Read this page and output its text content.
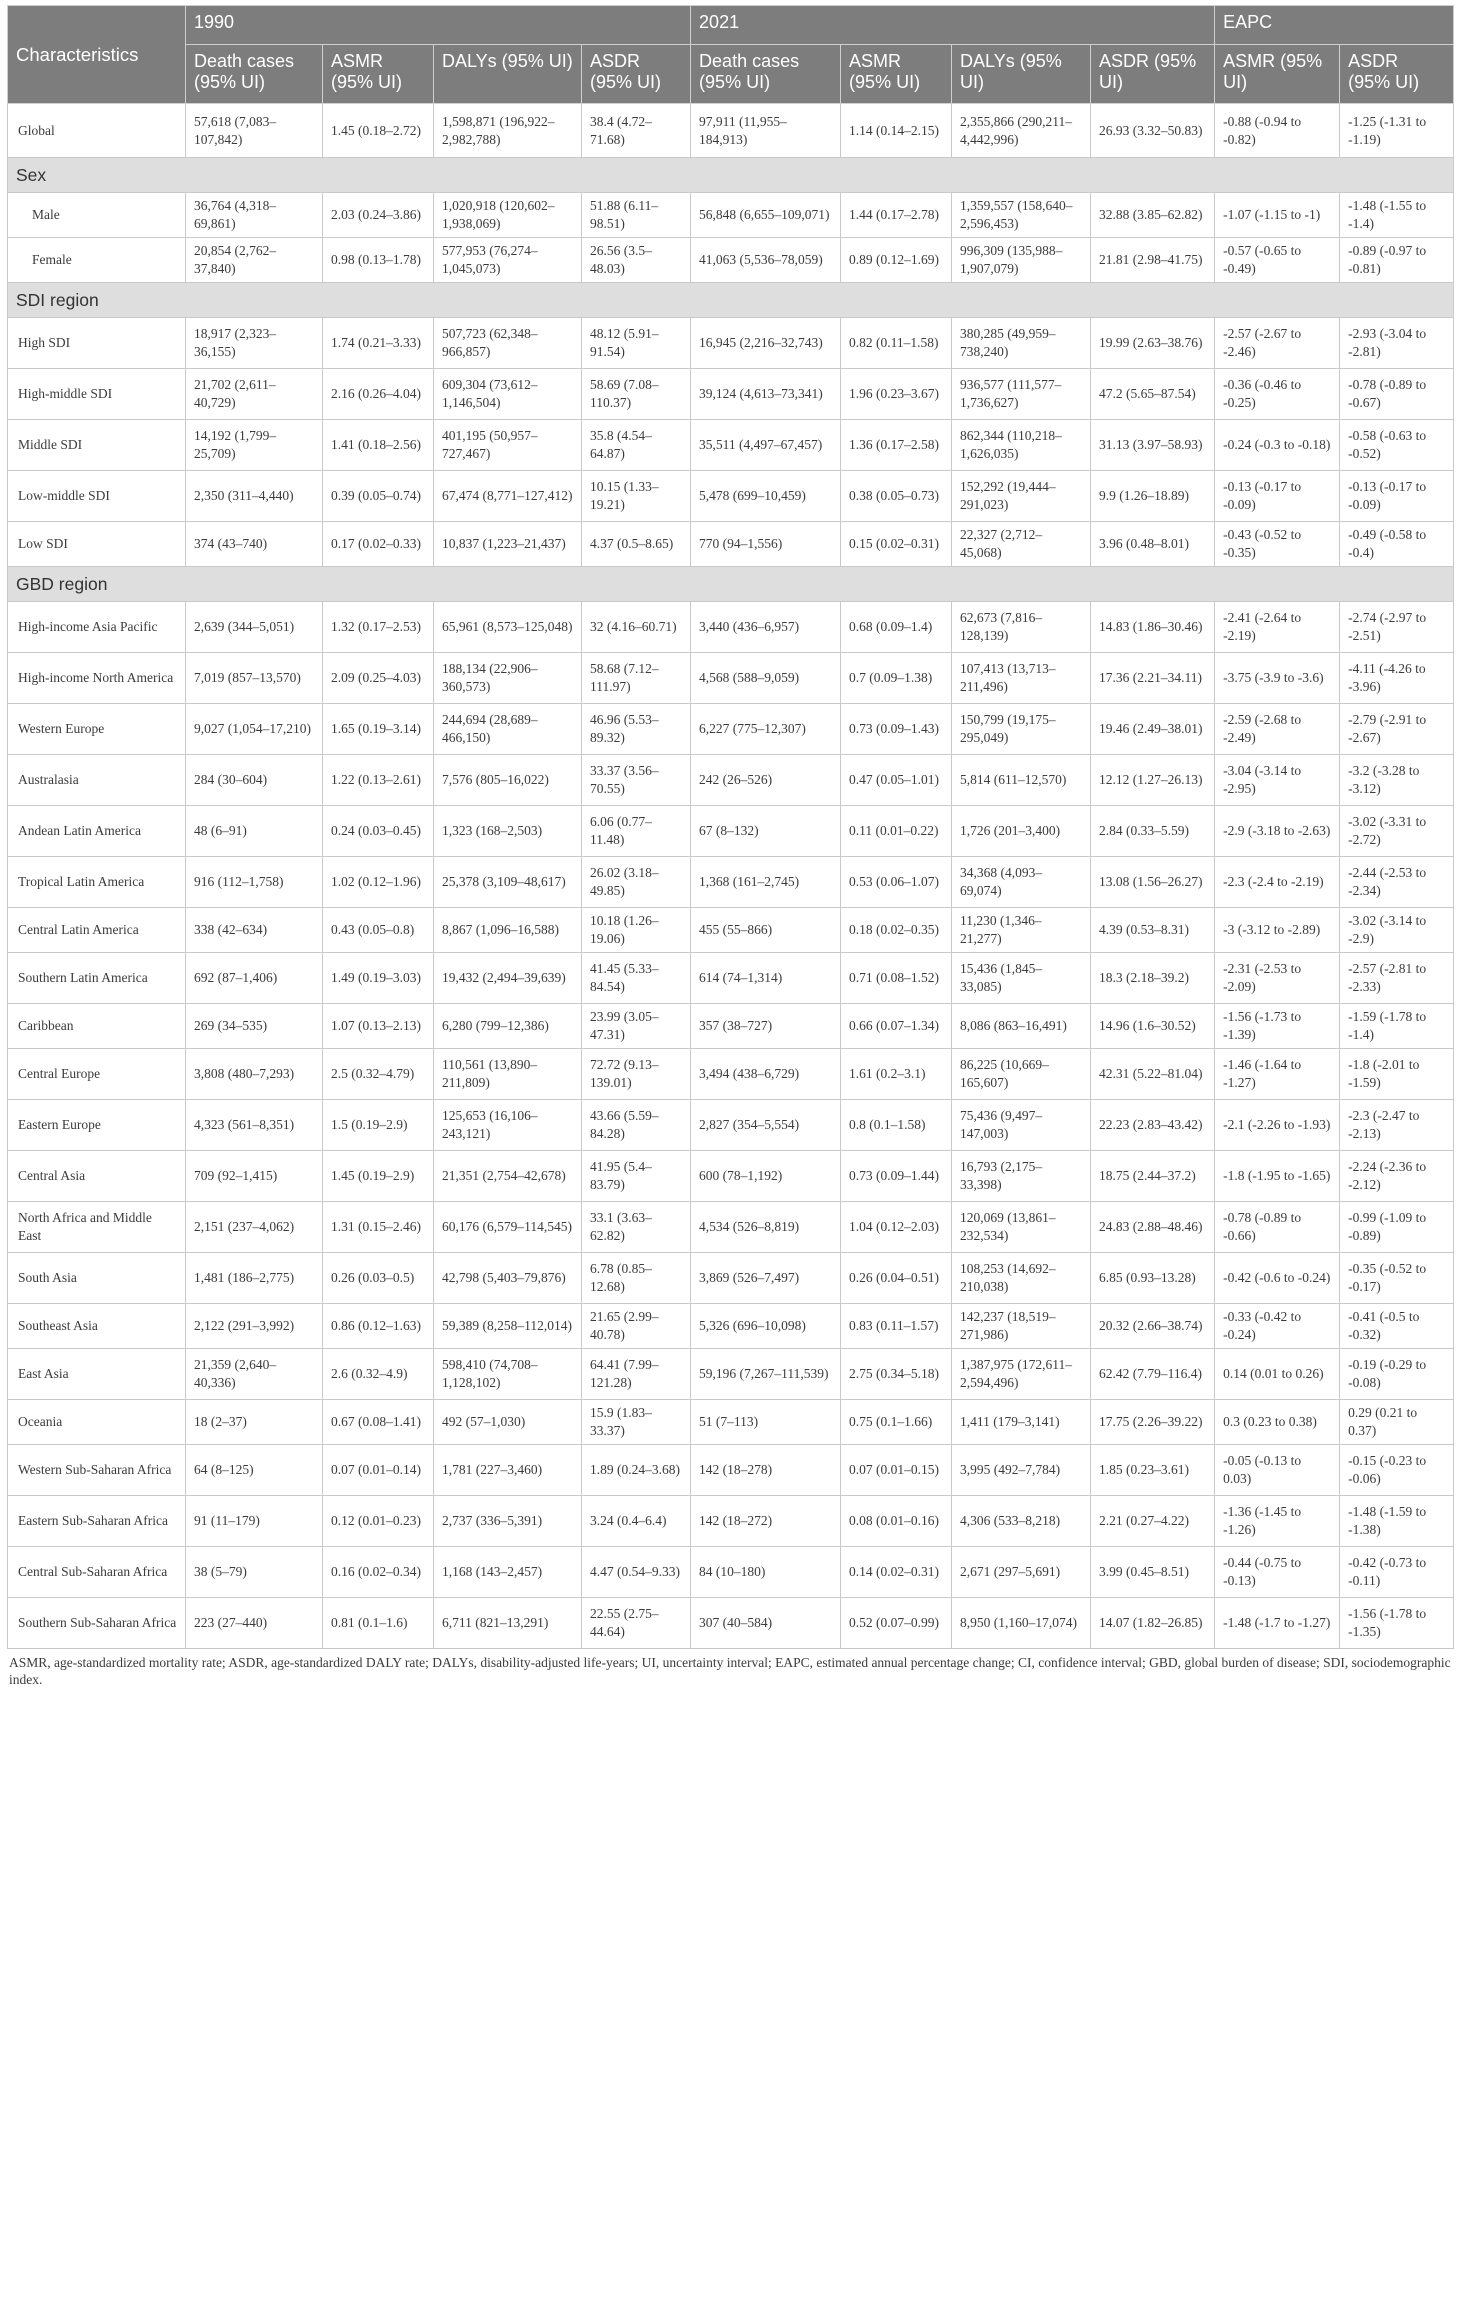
Characteristics	1990				2021				EAPC	
	Death cases (95% UI)	ASMR (95% UI)	DALYs (95% UI)	ASDR (95% UI)	Death cases (95% UI)	ASMR (95% UI)	DALYs (95% UI)	ASDR (95% UI)	ASMR (95% UI)	ASDR (95% UI)
Global	57,618 (7,083–107,842)	1.45 (0.18–2.72)	1,598,871 (196,922–2,982,788)	38.4 (4.72–71.68)	97,911 (11,955–184,913)	1.14 (0.14–2.15)	2,355,866 (290,211–4,442,996)	26.93 (3.32–50.83)	-0.88 (-0.94 to -0.82)	-1.25 (-1.31 to -1.19)
Sex										
Male	36,764 (4,318–69,861)	2.03 (0.24–3.86)	1,020,918 (120,602–1,938,069)	51.88 (6.11–98.51)	56,848 (6,655–109,071)	1.44 (0.17–2.78)	1,359,557 (158,640–2,596,453)	32.88 (3.85–62.82)	-1.07 (-1.15 to -1)	-1.48 (-1.55 to -1.4)
Female	20,854 (2,762–37,840)	0.98 (0.13–1.78)	577,953 (76,274–1,045,073)	26.56 (3.5–48.03)	41,063 (5,536–78,059)	0.89 (0.12–1.69)	996,309 (135,988–1,907,079)	21.81 (2.98–41.75)	-0.57 (-0.65 to -0.49)	-0.89 (-0.97 to -0.81)
SDI region										
High SDI	18,917 (2,323–36,155)	1.74 (0.21–3.33)	507,723 (62,348–966,857)	48.12 (5.91–91.54)	16,945 (2,216–32,743)	0.82 (0.11–1.58)	380,285 (49,959–738,240)	19.99 (2.63–38.76)	-2.57 (-2.67 to -2.46)	-2.93 (-3.04 to -2.81)
High-middle SDI	21,702 (2,611–40,729)	2.16 (0.26–4.04)	609,304 (73,612–1,146,504)	58.69 (7.08–110.37)	39,124 (4,613–73,341)	1.96 (0.23–3.67)	936,577 (111,577–1,736,627)	47.2 (5.65–87.54)	-0.36 (-0.46 to -0.25)	-0.78 (-0.89 to -0.67)
Middle SDI	14,192 (1,799–25,709)	1.41 (0.18–2.56)	401,195 (50,957–727,467)	35.8 (4.54–64.87)	35,511 (4,497–67,457)	1.36 (0.17–2.58)	862,344 (110,218–1,626,035)	31.13 (3.97–58.93)	-0.24 (-0.3 to -0.18)	-0.58 (-0.63 to -0.52)
Low-middle SDI	2,350 (311–4,440)	0.39 (0.05–0.74)	67,474 (8,771–127,412)	10.15 (1.33–19.21)	5,478 (699–10,459)	0.38 (0.05–0.73)	152,292 (19,444–291,023)	9.9 (1.26–18.89)	-0.13 (-0.17 to -0.09)	-0.13 (-0.17 to -0.09)
Low SDI	374 (43–740)	0.17 (0.02–0.33)	10,837 (1,223–21,437)	4.37 (0.5–8.65)	770 (94–1,556)	0.15 (0.02–0.31)	22,327 (2,712–45,068)	3.96 (0.48–8.01)	-0.43 (-0.52 to -0.35)	-0.49 (-0.58 to -0.4)
GBD region										
High-income Asia Pacific	2,639 (344–5,051)	1.32 (0.17–2.53)	65,961 (8,573–125,048)	32 (4.16–60.71)	3,440 (436–6,957)	0.68 (0.09–1.4)	62,673 (7,816–128,139)	14.83 (1.86–30.46)	-2.41 (-2.64 to -2.19)	-2.74 (-2.97 to -2.51)
High-income North America	7,019 (857–13,570)	2.09 (0.25–4.03)	188,134 (22,906–360,573)	58.68 (7.12–111.97)	4,568 (588–9,059)	0.7 (0.09–1.38)	107,413 (13,713–211,496)	17.36 (2.21–34.11)	-3.75 (-3.9 to -3.6)	-4.11 (-4.26 to -3.96)
Western Europe	9,027 (1,054–17,210)	1.65 (0.19–3.14)	244,694 (28,689–466,150)	46.96 (5.53–89.32)	6,227 (775–12,307)	0.73 (0.09–1.43)	150,799 (19,175–295,049)	19.46 (2.49–38.01)	-2.59 (-2.68 to -2.49)	-2.79 (-2.91 to -2.67)
Australasia	284 (30–604)	1.22 (0.13–2.61)	7,576 (805–16,022)	33.37 (3.56–70.55)	242 (26–526)	0.47 (0.05–1.01)	5,814 (611–12,570)	12.12 (1.27–26.13)	-3.04 (-3.14 to -2.95)	-3.2 (-3.28 to -3.12)
Andean Latin America	48 (6–91)	0.24 (0.03–0.45)	1,323 (168–2,503)	6.06 (0.77–11.48)	67 (8–132)	0.11 (0.01–0.22)	1,726 (201–3,400)	2.84 (0.33–5.59)	-2.9 (-3.18 to -2.63)	-3.02 (-3.31 to -2.72)
Tropical Latin America	916 (112–1,758)	1.02 (0.12–1.96)	25,378 (3,109–48,617)	26.02 (3.18–49.85)	1,368 (161–2,745)	0.53 (0.06–1.07)	34,368 (4,093–69,074)	13.08 (1.56–26.27)	-2.3 (-2.4 to -2.19)	-2.44 (-2.53 to -2.34)
Central Latin America	338 (42–634)	0.43 (0.05–0.8)	8,867 (1,096–16,588)	10.18 (1.26–19.06)	455 (55–866)	0.18 (0.02–0.35)	11,230 (1,346–21,277)	4.39 (0.53–8.31)	-3 (-3.12 to -2.89)	-3.02 (-3.14 to -2.9)
Southern Latin America	692 (87–1,406)	1.49 (0.19–3.03)	19,432 (2,494–39,639)	41.45 (5.33–84.54)	614 (74–1,314)	0.71 (0.08–1.52)	15,436 (1,845–33,085)	18.3 (2.18–39.2)	-2.31 (-2.53 to -2.09)	-2.57 (-2.81 to -2.33)
Caribbean	269 (34–535)	1.07 (0.13–2.13)	6,280 (799–12,386)	23.99 (3.05–47.31)	357 (38–727)	0.66 (0.07–1.34)	8,086 (863–16,491)	14.96 (1.6–30.52)	-1.56 (-1.73 to -1.39)	-1.59 (-1.78 to -1.4)
Central Europe	3,808 (480–7,293)	2.5 (0.32–4.79)	110,561 (13,890–211,809)	72.72 (9.13–139.01)	3,494 (438–6,729)	1.61 (0.2–3.1)	86,225 (10,669–165,607)	42.31 (5.22–81.04)	-1.46 (-1.64 to -1.27)	-1.8 (-2.01 to -1.59)
Eastern Europe	4,323 (561–8,351)	1.5 (0.19–2.9)	125,653 (16,106–243,121)	43.66 (5.59–84.28)	2,827 (354–5,554)	0.8 (0.1–1.58)	75,436 (9,497–147,003)	22.23 (2.83–43.42)	-2.1 (-2.26 to -1.93)	-2.3 (-2.47 to -2.13)
Central Asia	709 (92–1,415)	1.45 (0.19–2.9)	21,351 (2,754–42,678)	41.95 (5.4–83.79)	600 (78–1,192)	0.73 (0.09–1.44)	16,793 (2,175–33,398)	18.75 (2.44–37.2)	-1.8 (-1.95 to -1.65)	-2.24 (-2.36 to -2.12)
North Africa and Middle East	2,151 (237–4,062)	1.31 (0.15–2.46)	60,176 (6,579–114,545)	33.1 (3.63–62.82)	4,534 (526–8,819)	1.04 (0.12–2.03)	120,069 (13,861–232,534)	24.83 (2.88–48.46)	-0.78 (-0.89 to -0.66)	-0.99 (-1.09 to -0.89)
South Asia	1,481 (186–2,775)	0.26 (0.03–0.5)	42,798 (5,403–79,876)	6.78 (0.85–12.68)	3,869 (526–7,497)	0.26 (0.04–0.51)	108,253 (14,692–210,038)	6.85 (0.93–13.28)	-0.42 (-0.6 to -0.24)	-0.35 (-0.52 to -0.17)
Southeast Asia	2,122 (291–3,992)	0.86 (0.12–1.63)	59,389 (8,258–112,014)	21.65 (2.99–40.78)	5,326 (696–10,098)	0.83 (0.11–1.57)	142,237 (18,519–271,986)	20.32 (2.66–38.74)	-0.33 (-0.42 to -0.24)	-0.41 (-0.5 to -0.32)
East Asia	21,359 (2,640–40,336)	2.6 (0.32–4.9)	598,410 (74,708–1,128,102)	64.41 (7.99–121.28)	59,196 (7,267–111,539)	2.75 (0.34–5.18)	1,387,975 (172,611–2,594,496)	62.42 (7.79–116.4)	0.14 (0.01 to 0.26)	-0.19 (-0.29 to -0.08)
Oceania	18 (2–37)	0.67 (0.08–1.41)	492 (57–1,030)	15.9 (1.83–33.37)	51 (7–113)	0.75 (0.1–1.66)	1,411 (179–3,141)	17.75 (2.26–39.22)	0.3 (0.23 to 0.38)	0.29 (0.21 to 0.37)
Western Sub-Saharan Africa	64 (8–125)	0.07 (0.01–0.14)	1,781 (227–3,460)	1.89 (0.24–3.68)	142 (18–278)	0.07 (0.01–0.15)	3,995 (492–7,784)	1.85 (0.23–3.61)	-0.05 (-0.13 to 0.03)	-0.15 (-0.23 to -0.06)
Eastern Sub-Saharan Africa	91 (11–179)	0.12 (0.01–0.23)	2,737 (336–5,391)	3.24 (0.4–6.4)	142 (18–272)	0.08 (0.01–0.16)	4,306 (533–8,218)	2.21 (0.27–4.22)	-1.36 (-1.45 to -1.26)	-1.48 (-1.59 to -1.38)
Central Sub-Saharan Africa	38 (5–79)	0.16 (0.02–0.34)	1,168 (143–2,457)	4.47 (0.54–9.33)	84 (10–180)	0.14 (0.02–0.31)	2,671 (297–5,691)	3.99 (0.45–8.51)	-0.44 (-0.75 to -0.13)	-0.42 (-0.73 to -0.11)
Southern Sub-Saharan Africa	223 (27–440)	0.81 (0.1–1.6)	6,711 (821–13,291)	22.55 (2.75–44.64)	307 (40–584)	0.52 (0.07–0.99)	8,950 (1,160–17,074)	14.07 (1.82–26.85)	-1.48 (-1.7 to -1.27)	-1.56 (-1.78 to -1.35)
ASMR, age-standardized mortality rate; ASDR, age-standardized DALY rate; DALYs, disability-adjusted life-years; UI, uncertainty interval; EAPC, estimated annual percentage change; CI, confidence interval; GBD, global burden of disease; SDI, sociodemographic index.
